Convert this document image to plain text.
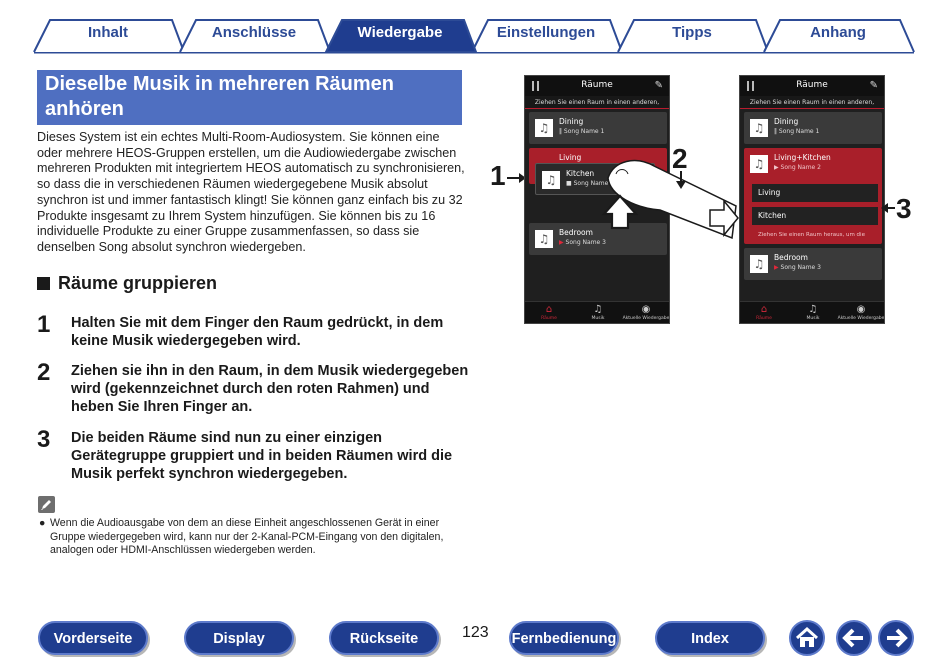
Inhalt	Anschlüsse	Wiedergabe	Einstellungen	Tipps	Anhang
Dieselbe Musik in mehreren Räumen anhören

Dieses System ist ein echtes Multi-Room-Audiosystem. Sie können eine oder mehrere HEOS-Gruppen erstellen, um die Audiowiedergabe zwischen mehreren Produkten mit integriertem HEOS automatisch zu synchronisieren, so dass die in verschiedenen Räumen wiedergegebene Musik absolut synchron ist und immer fantastisch klingt! Sie können ganz einfach bis zu 32 Produkte insgesamt zu Ihrem System hinzufügen. Sie können bis zu 16 individuelle Produkte zu einer Gruppe zusammenfassen, so dass sie denselben Song absolut synchron wiedergeben.

Räume gruppieren
1 Halten Sie mit dem Finger den Raum gedrückt, in dem keine Musik wiedergegeben wird.

2 Ziehen sie ihn in den Raum, in dem Musik wiedergegeben wird (gekennzeichnet durch den roten Rahmen) und heben Sie Ihren Finger an.

3 Die beiden Räume sind nun zu einer einzigen Gerätegruppe gruppiert und in beiden Räumen wird die Musik perfekt synchron wiedergegeben.

● Wenn die Audioausgabe von dem an diese Einheit angeschlossenen Gerät in einer Gruppe wiedergegeben wird, kann nur der 2-Kanal-PCM-Eingang von den digitalen, analogen oder HDMI-Anschlüssen wiedergeben werden.
1
Räume	✎
Ziehen Sie einen Raum in einen anderen,
♫	Dining
‖ Song Name 1
Living
♫	Kitchen
■ Song Name
♫	Bedroom
▶ Song Name 3
⌂
Räume
♫
Musik
◉
Aktuelle Wiedergabe
2
Räume	✎
Ziehen Sie einen Raum in einen anderen,
♫	Dining
‖ Song Name 1
♫	Living+Kitchen
▶ Song Name 2
Living
Kitchen
Ziehen Sie einen Raum heraus, um die
♫	Bedroom
▶ Song Name 3
⌂
Räume
♫
Musik
◉
Aktuelle Wiedergabe
3
Vorderseite	Display	Rückseite	123 Fernbedienung	Index
